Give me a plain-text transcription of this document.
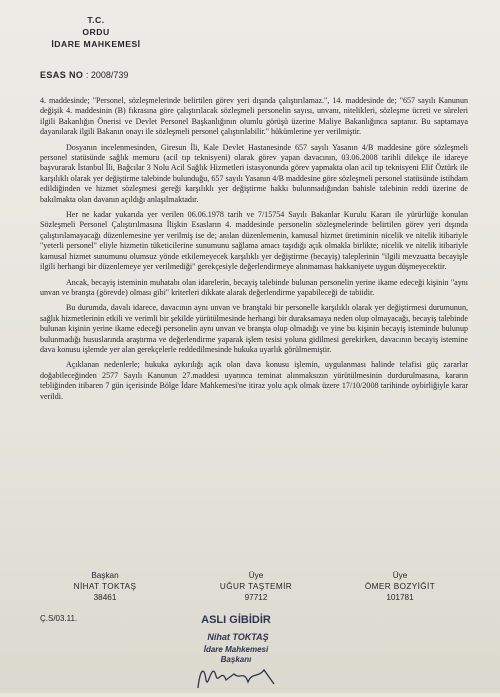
T.C.
ORDU
İDARE MAHKEMESİ
ESAS NO : 2008/739

4. maddesinde; "Personel, sözleşmelerinde belirtilen görev yeri dışında çalıştırılamaz.", 14. maddesinde de; "657 sayılı Kanunun değişik 4. maddesinin (B) fıkrasına göre çalıştırılacak sözleşmeli personelin sayısı, unvanı, nitelikleri, sözleşme ücreti ve süreleri ilgili Bakanlığın Önerisi ve Devlet Personel Başkanlığının olumlu görüşü üzerine Maliye Bakanlığınca saptanır. Bu saptamaya dayanılarak ilgili Bakanın onayı ile sözleşmeli personel çalıştırılabilir." hükümlerine yer verilmiştir.

Dosyanın incelenmesinden, Giresun İli, Kale Devlet Hastanesinde 657 sayılı Yasanın 4/B maddesine göre sözleşmeli personel statüsünde sağlık memuru (acil tıp teknisyeni) olarak görev yapan davacının, 03.06.2008 tarihli dilekçe ile idareye başvurarak İstanbul İli, Bağcılar 3 Nolu Acil Sağlık Hizmetleri istasyonunda görev yapmakta olan acil tıp teknisyeni Elif Öztürk ile karşılıklı olarak yer değiştirme talebinde bulunduğu, 657 sayılı Yasanın 4/B maddesine göre sözleşmeli personel statüsünde istihdam edildiğinden ve hizmet sözleşmesi gereği karşılıklı yer değiştirme hakkı bulunmadığından bahisle talebinin reddi üzerine de bakılmakta olan davanın açıldığı anlaşılmaktadır.

Her ne kadar yukarıda yer verilen 06.06.1978 tarih ve 7/15754 Sayılı Bakanlar Kurulu Kararı ile yürürlüğe konulan Sözleşmeli Personel Çalıştırılmasına İlişkin Esasların 4. maddesinde personelin sözleşmelerinde belirtilen görev yeri dışında çalıştırılamayacağı düzenlemesine yer verilmiş ise de; anılan düzenlemenin, kamusal hizmet üretiminin nicelik ve nitelik itibariyle "yeterli personel" eliyle hizmetin tüketicilerine sunumunu sağlama amacı taşıdığı açık olmakla birlikte; nicelik ve nitelik itibariyle kamusal hizmet sunumunu olumsuz yönde etkilemeyecek karşılıklı yer değiştirme (becayiş) taleplerinin "ilgili mevzuatta becayişle ilgili herhangi bir düzenlemeye yer verilmediği" gerekçesiyle değerlendirmeye alınmaması hakkaniyete uygun düşmeyecektir.

Ancak, becayiş isteminin muhatabı olan idarelerin, becayiş talebinde bulunan personelin yerine ikame edeceği kişinin "aynı unvan ve branşta (görevde) olması gibi" kriterleri dikkate alarak değerlendirme yapabileceği de tabiidir.

Bu durumda, davalı idarece, davacının aynı unvan ve branştaki bir personelle karşılıklı olarak yer değiştirmesi durumunun, sağlık hizmetlerinin etkili ve verimli bir şekilde yürütülmesinde herhangi bir duraksamaya neden olup olmayacağı, becayiş talebinde bulunan kişinin yerine ikame edeceği personelin aynı unvan ve branşta olup olmadığı ve yine bu kişinin becayiş isteminde bulunup bulunmadığı hususlarında araştırma ve değerlendirme yaparak işlem tesisi yoluna gidilmesi gerekirken, davacının becayiş istemine dava konusu işlemde yer alan gerekçelerle reddedilmesinde hukuka uyarlık görülmemiştir.

Açıklanan nedenlerle; hukuka aykırılığı açık olan dava konusu işlemin, uygulanması halinde telafisi güç zararlar doğabileceğinden 2577 Sayılı Kanunun 27.maddesi uyarınca teminat alınmaksızın yürütülmesinin durdurulmasına, kararın tebliğinden itibaren 7 gün içerisinde Bölge İdare Mahkemesi'ne itiraz yolu açık olmak üzere 17/10/2008 tarihinde oybirliğiyle karar verildi.

Başkan
NİHAT TOKTAŞ
38461
Üye
UĞUR TAŞTEMİR
97712
Üye
ÖMER BOZYİĞİT
101781
Ç.S/03.11.	ASLI GİBİDİR
Nihat TOKTAŞ
İdare Mahkemesi
Başkanı
